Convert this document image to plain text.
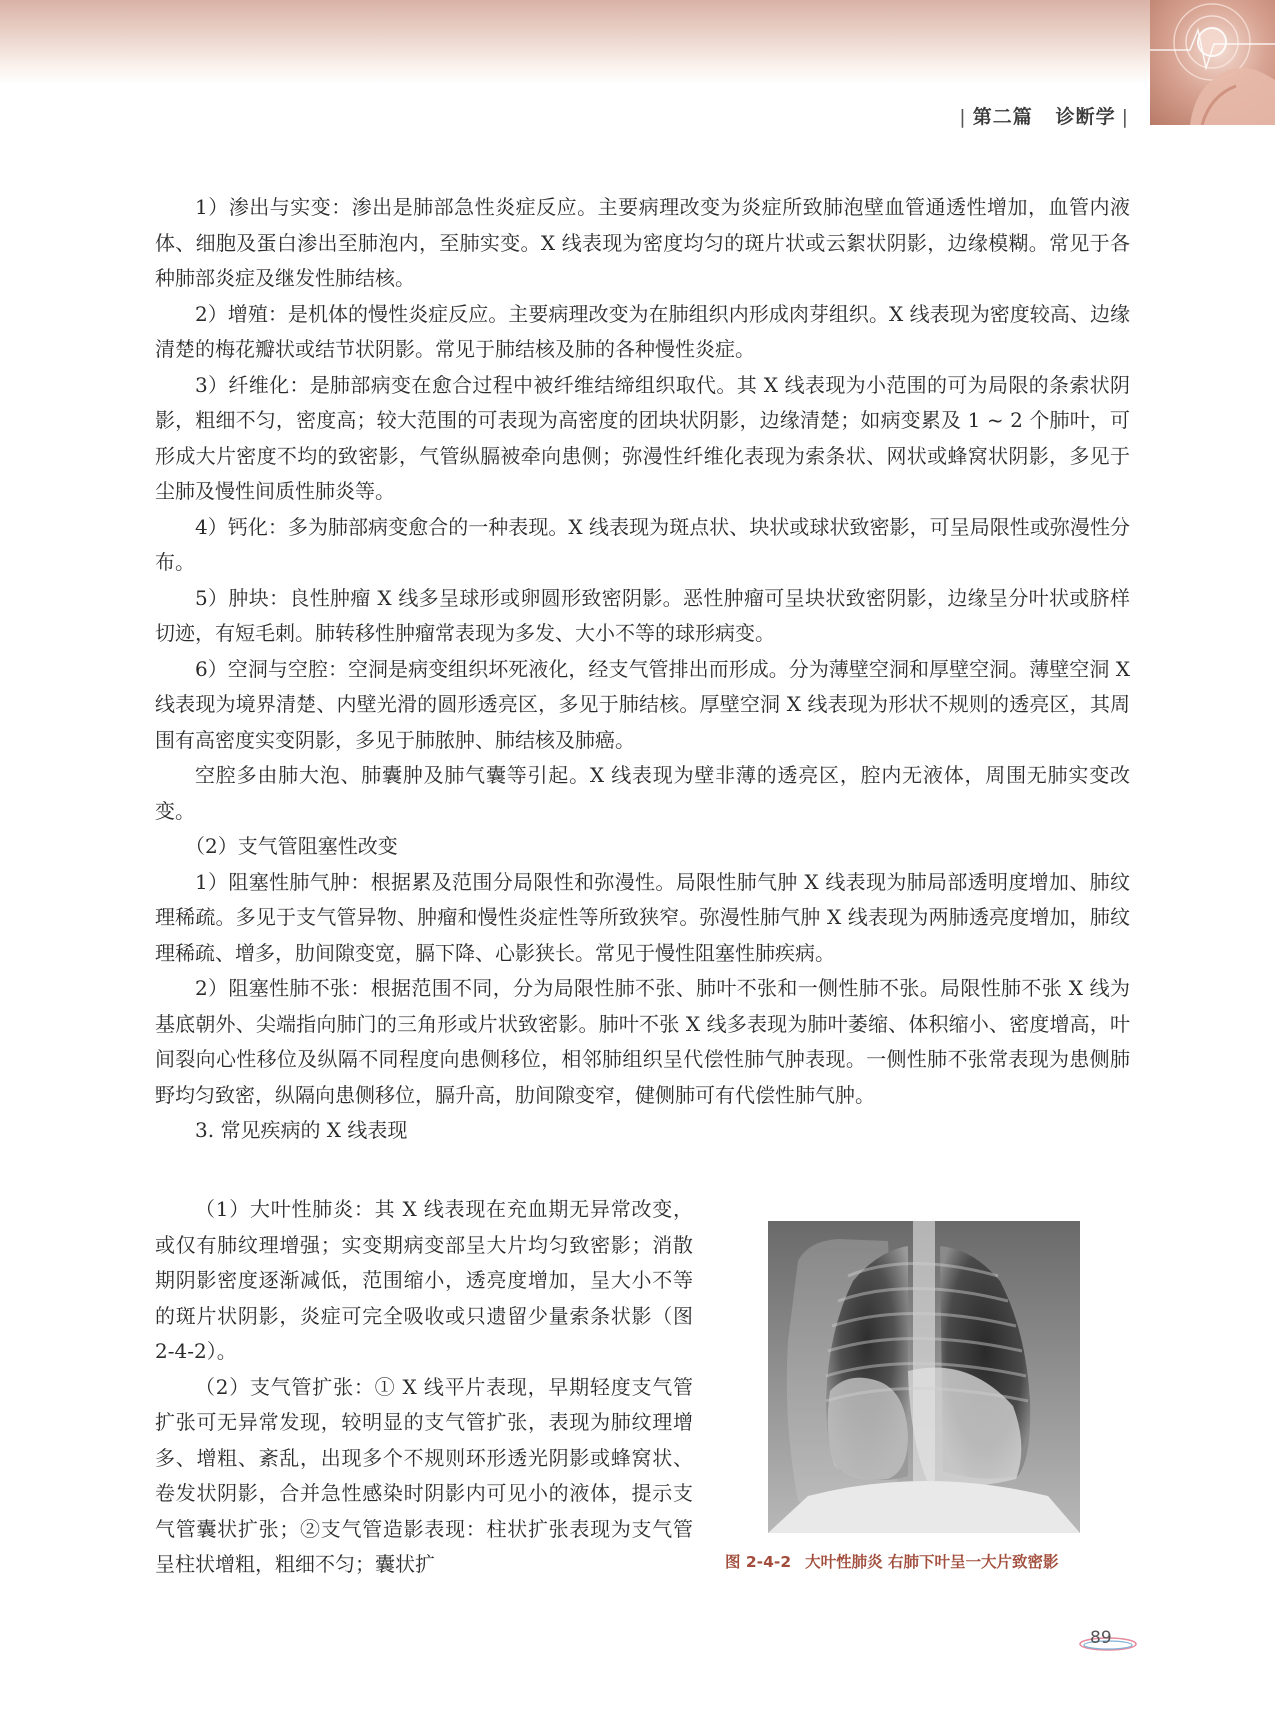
| 第二篇 诊断学 |

1）渗出与实变：渗出是肺部急性炎症反应。主要病理改变为炎症所致肺泡壁血管通透性增加，血管内液体、细胞及蛋白渗出至肺泡内，至肺实变。X 线表现为密度均匀的斑片状或云絮状阴影，边缘模糊。常见于各种肺部炎症及继发性肺结核。

2）增殖：是机体的慢性炎症反应。主要病理改变为在肺组织内形成肉芽组织。X 线表现为密度较高、边缘清楚的梅花瓣状或结节状阴影。常见于肺结核及肺的各种慢性炎症。

3）纤维化：是肺部病变在愈合过程中被纤维结缔组织取代。其 X 线表现为小范围的可为局限的条索状阴影，粗细不匀，密度高；较大范围的可表现为高密度的团块状阴影，边缘清楚；如病变累及 1 ~ 2 个肺叶，可形成大片密度不均的致密影，气管纵膈被牵向患侧；弥漫性纤维化表现为索条状、网状或蜂窝状阴影，多见于尘肺及慢性间质性肺炎等。

4）钙化：多为肺部病变愈合的一种表现。X 线表现为斑点状、块状或球状致密影，可呈局限性或弥漫性分布。

5）肿块：良性肿瘤 X 线多呈球形或卵圆形致密阴影。恶性肿瘤可呈块状致密阴影，边缘呈分叶状或脐样切迹，有短毛刺。肺转移性肿瘤常表现为多发、大小不等的球形病变。

6）空洞与空腔：空洞是病变组织坏死液化，经支气管排出而形成。分为薄壁空洞和厚壁空洞。薄壁空洞 X 线表现为境界清楚、内壁光滑的圆形透亮区，多见于肺结核。厚壁空洞 X 线表现为形状不规则的透亮区，其周围有高密度实变阴影，多见于肺脓肿、肺结核及肺癌。

空腔多由肺大泡、肺囊肿及肺气囊等引起。X 线表现为壁非薄的透亮区，腔内无液体，周围无肺实变改变。

（2）支气管阻塞性改变

1）阻塞性肺气肿：根据累及范围分局限性和弥漫性。局限性肺气肿 X 线表现为肺局部透明度增加、肺纹理稀疏。多见于支气管异物、肿瘤和慢性炎症性等所致狭窄。弥漫性肺气肿 X 线表现为两肺透亮度增加，肺纹理稀疏、增多，肋间隙变宽，膈下降、心影狭长。常见于慢性阻塞性肺疾病。

2）阻塞性肺不张：根据范围不同，分为局限性肺不张、肺叶不张和一侧性肺不张。局限性肺不张 X 线为基底朝外、尖端指向肺门的三角形或片状致密影。肺叶不张 X 线多表现为肺叶萎缩、体积缩小、密度增高，叶间裂向心性移位及纵隔不同程度向患侧移位，相邻肺组织呈代偿性肺气肿表现。一侧性肺不张常表现为患侧肺野均匀致密，纵隔向患侧移位，膈升高，肋间隙变窄，健侧肺可有代偿性肺气肿。

3. 常见疾病的 X 线表现

（1）大叶性肺炎：其 X 线表现在充血期无异常改变，或仅有肺纹理增强；实变期病变部呈大片均匀致密影；消散期阴影密度逐渐减低，范围缩小，透亮度增加，呈大小不等的斑片状阴影，炎症可完全吸收或只遗留少量索条状影（图 2-4-2）。

（2）支气管扩张：① X 线平片表现，早期轻度支气管扩张可无异常发现，较明显的支气管扩张，表现为肺纹理增多、增粗、紊乱，出现多个不规则环形透光阴影或蜂窝状、卷发状阴影，合并急性感染时阴影内可见小的液体，提示支气管囊状扩张；②支气管造影表现：柱状扩张表现为支气管呈柱状增粗，粗细不匀；囊状扩	图 2-4-2 大叶性肺炎 右肺下叶呈一大片致密影
89
